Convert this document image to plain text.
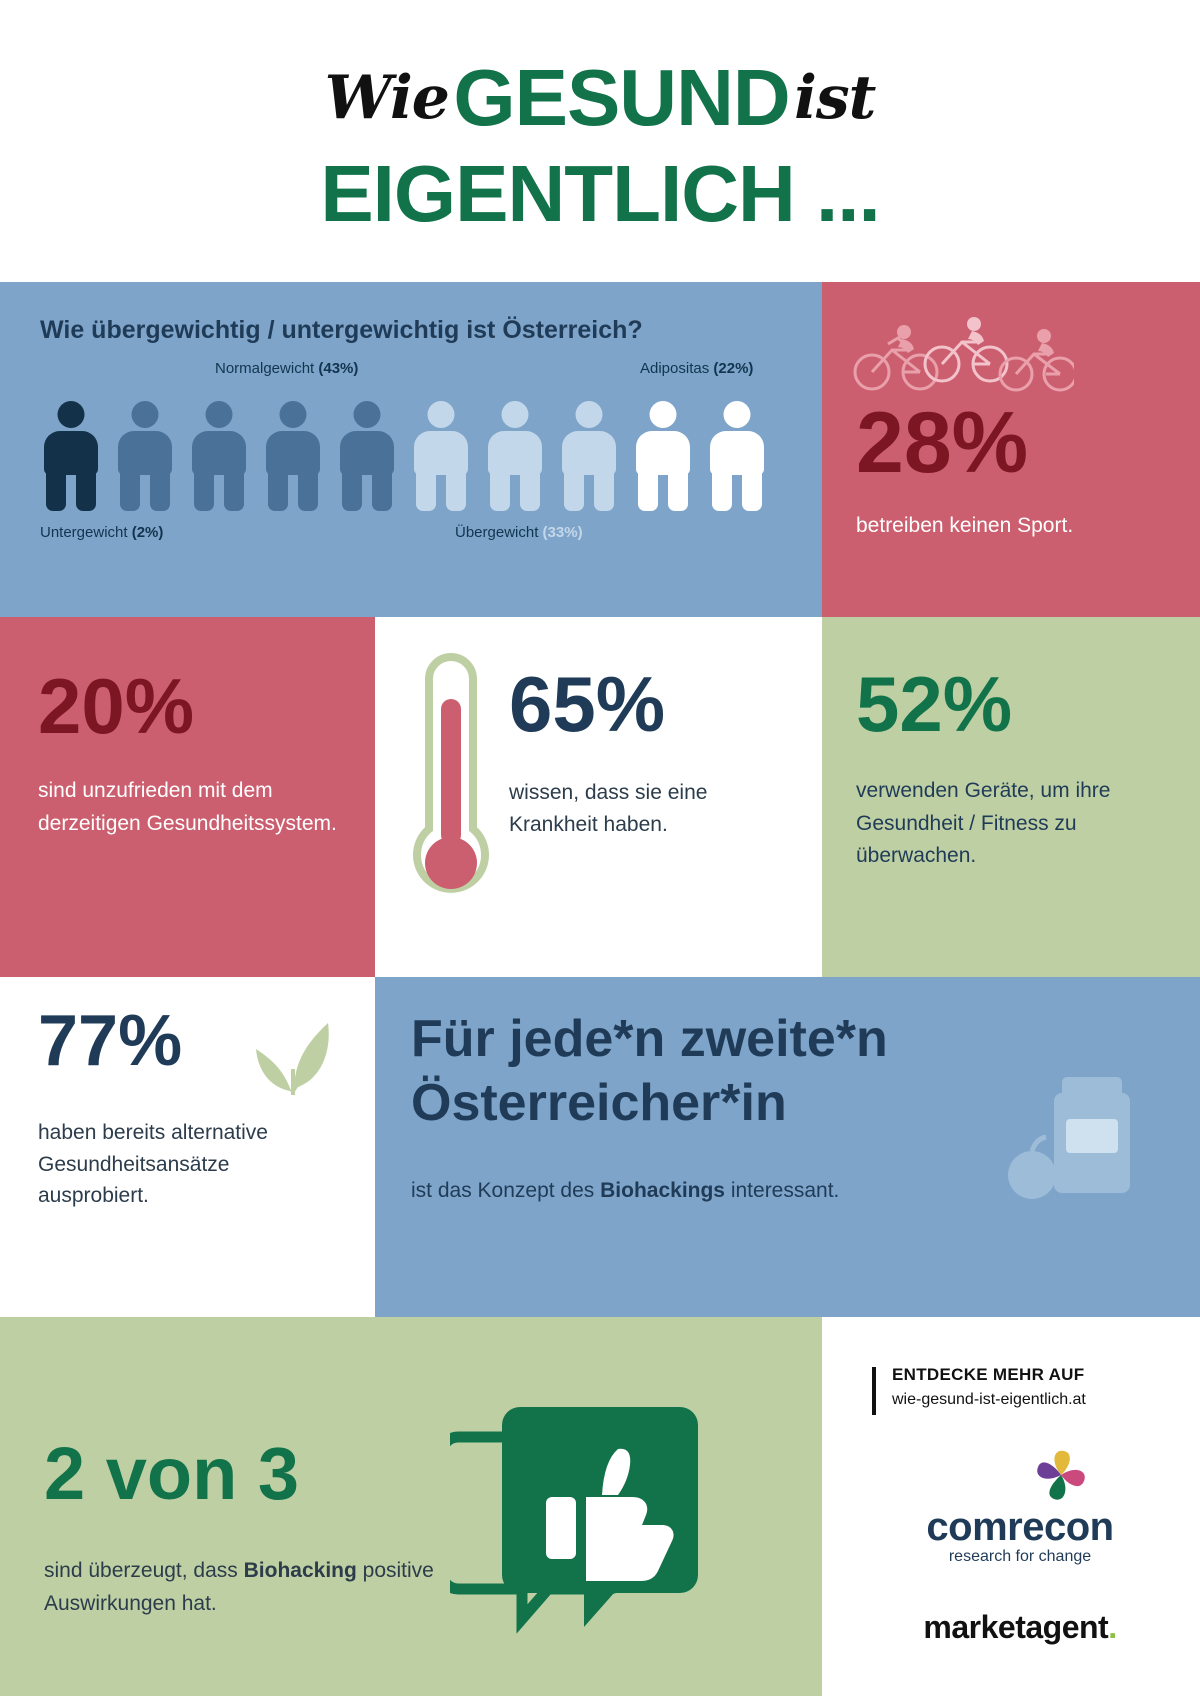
Wie GESUND ist
EIGENTLICH ...
Wie übergewichtig / untergewichtig ist Österreich?
Normalgewicht (43%)	Adipositas (22%)
Untergewicht (2%)	Übergewicht (33%)
28%
betreiben keinen Sport.
20%
sind unzufrieden mit dem derzeitigen Gesundheitssystem.
65%
wissen, dass sie eine Krankheit haben.
52%
verwenden Geräte, um ihre Gesundheit / Fitness zu überwachen.
77%
haben bereits alternative Gesundheitsansätze ausprobiert.
Für jede*n zweite*n
Österreicher*in
ist das Konzept des Biohackings interessant.
2 von 3
sind überzeugt, dass Biohacking positive Auswirkungen hat.
ENTDECKE MEHR AUF
wie-gesund-ist-eigentlich.at
comrecon
research for change
marketagent.
